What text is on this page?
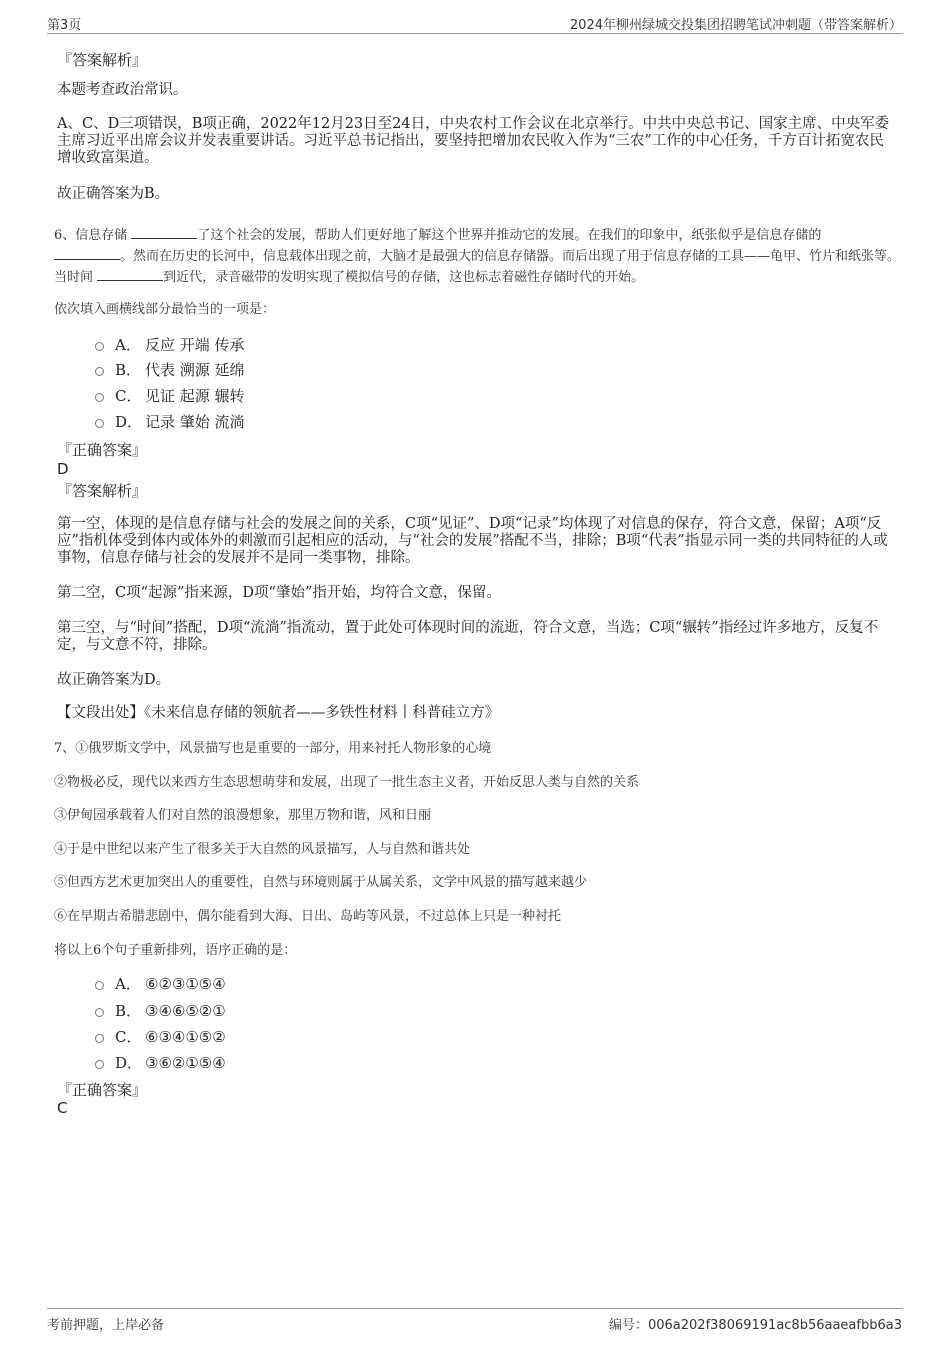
第3页	2024年柳州绿城交投集团招聘笔试冲刺题（带答案解析）
『答案解析』

本题考查政治常识。

A、C、D三项错误，B项正确，2022年12月23日至24日，中央农村工作会议在北京举行。中共中央总书记、国家主席、中央军委主席习近平出席会议并发表重要讲话。习近平总书记指出，要坚持把增加农民收入作为“三农”工作的中心任务，千方百计拓宽农民增收致富渠道。

故正确答案为B。

6、信息存储	了这个社会的发展，帮助人们更好地了解这个世界并推动它的发展。在我们的印象中，纸张似乎是信息存储的
。然而在历史的长河中，信息载体出现之前，大脑才是最强大的信息存储器。而后出现了用于信息存储的工具——龟甲、竹片和纸张等。当时间	到近代，录音磁带的发明实现了模拟信号的存储，这也标志着磁性存储时代的开始。

依次填入画横线部分最恰当的一项是：

A． 反应 开端 传承
B． 代表 溯源 延绵
C． 见证 起源 辗转
D． 记录 肇始 流淌
『正确答案』
D
『答案解析』

第一空，体现的是信息存储与社会的发展之间的关系，C项“见证”、D项“记录”均体现了对信息的保存，符合文意，保留；A项“反应”指机体受到体内或体外的刺激而引起相应的活动，与“社会的发展”搭配不当，排除；B项“代表”指显示同一类的共同特征的人或事物，信息存储与社会的发展并不是同一类事物，排除。

第二空，C项“起源”指来源，D项“肇始”指开始，均符合文意，保留。

第三空，与“时间”搭配，D项“流淌”指流动，置于此处可体现时间的流逝，符合文意，当选；C项“辗转”指经过许多地方，反复不定，与文意不符，排除。

故正确答案为D。

【文段出处】《未来信息存储的领航者——多铁性材料丨科普硅立方》

7、①俄罗斯文学中，风景描写也是重要的一部分，用来衬托人物形象的心境

②物极必反，现代以来西方生态思想萌芽和发展，出现了一批生态主义者，开始反思人类与自然的关系

③伊甸园承载着人们对自然的浪漫想象，那里万物和谐，风和日丽

④于是中世纪以来产生了很多关于大自然的风景描写，人与自然和谐共处

⑤但西方艺术更加突出人的重要性，自然与环境则属于从属关系，文学中风景的描写越来越少

⑥在早期古希腊悲剧中，偶尔能看到大海、日出、岛屿等风景，不过总体上只是一种衬托

将以上6个句子重新排列，语序正确的是：

A． ⑥②③①⑤④
B． ③④⑥⑤②①
C． ⑥③④①⑤②
D． ③⑥②①⑤④
『正确答案』
C
考前押题，上岸必备	编号：006a202f38069191ac8b56aaeafbb6a3
